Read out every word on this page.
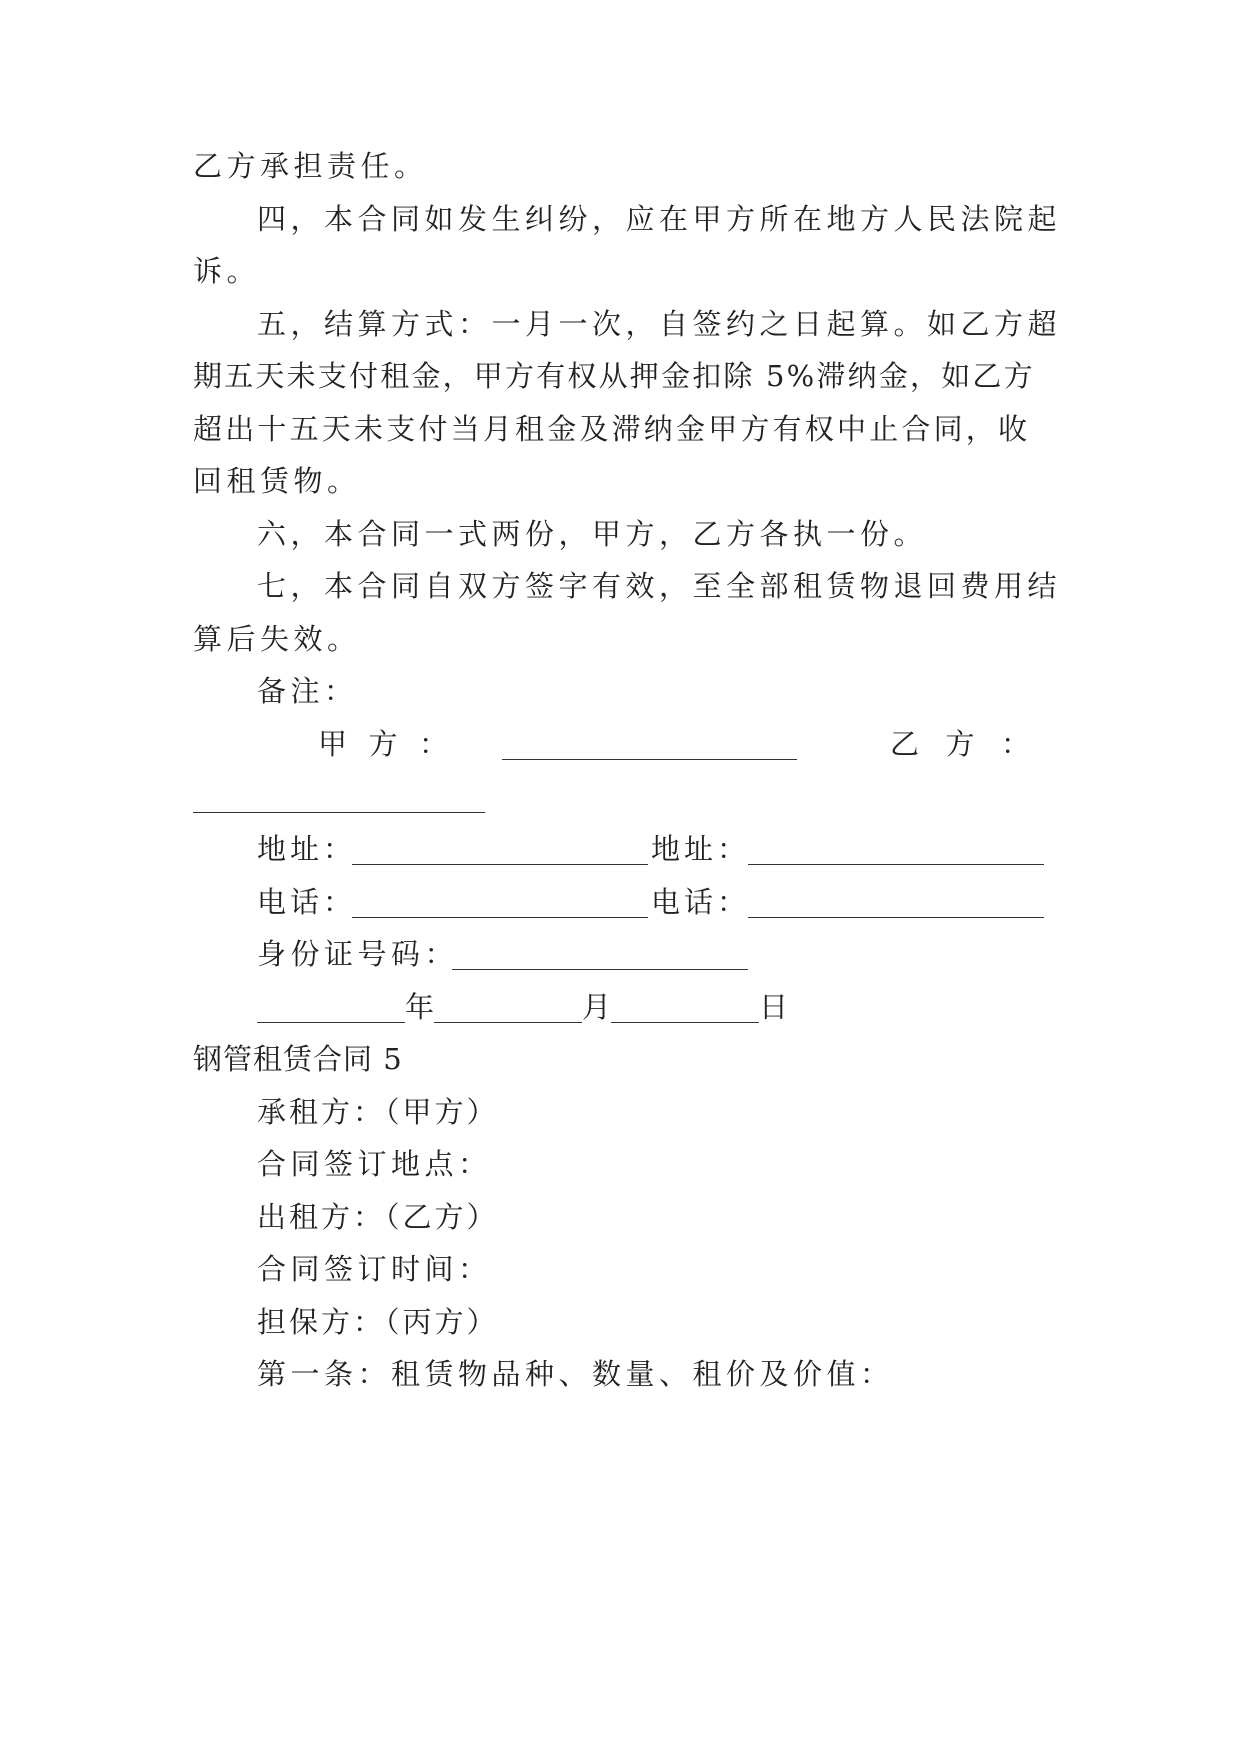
乙方承担责任。
四，本合同如发生纠纷，应在甲方所在地方人民法院起
诉。
五，结算方式：一月一次，自签约之日起算。如乙方超
期五天未支付租金，甲方有权从押金扣除 5%滞纳金，如乙方
超出十五天未支付当月租金及滞纳金甲方有权中止合同，收
回租赁物。
六，本合同一式两份，甲方，乙方各执一份。
七，本合同自双方签字有效，至全部租赁物退回费用结
算后失效。
备注：
甲 方 ：	乙 方 ：
地址：	地址：
电话：	电话：
身份证号码：
年	月	日
钢管租赁合同 5
承租方：（甲方）
合同签订地点：
出租方：（乙方）
合同签订时间：
担保方：（丙方）
第一条：租赁物品种、数量、租价及价值：
